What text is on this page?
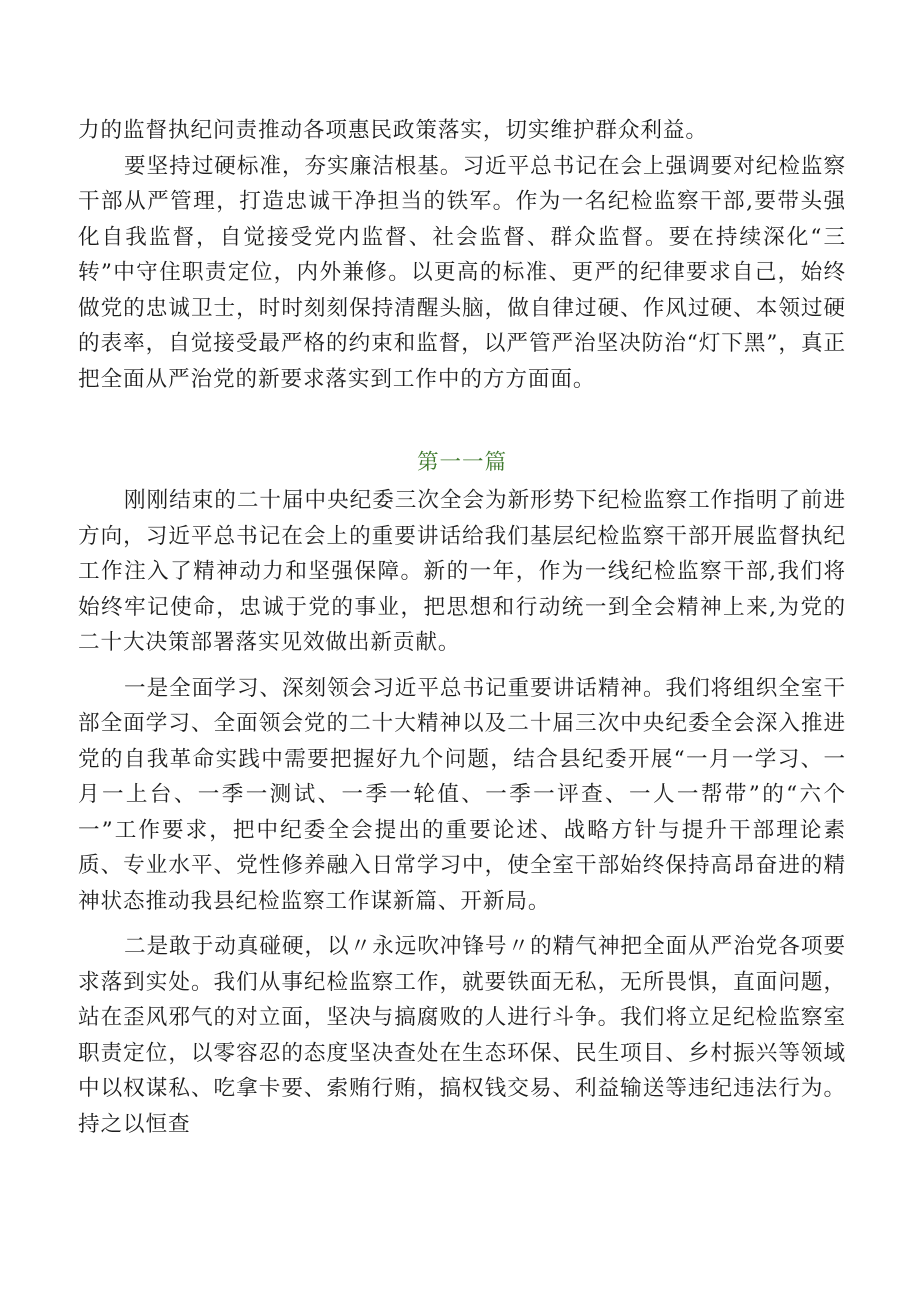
力的监督执纪问责推动各项惠民政策落实，切实维护群众利益。

要坚持过硬标准，夯实廉洁根基。习近平总书记在会上强调要对纪检监察干部从严管理，打造忠诚干净担当的铁军。作为一名纪检监察干部,要带头强化自我监督，自觉接受党内监督、社会监督、群众监督。要在持续深化“三转”中守住职责定位，内外兼修。以更高的标准、更严的纪律要求自己，始终做党的忠诚卫士，时时刻刻保持清醒头脑，做自律过硬、作风过硬、本领过硬的表率，自觉接受最严格的约束和监督，以严管严治坚决防治“灯下黑”，真正把全面从严治党的新要求落实到工作中的方方面面。

第一一篇

刚刚结束的二十届中央纪委三次全会为新形势下纪检监察工作指明了前进方向，习近平总书记在会上的重要讲话给我们基层纪检监察干部开展监督执纪工作注入了精神动力和坚强保障。新的一年，作为一线纪检监察干部,我们将始终牢记使命，忠诚于党的事业，把思想和行动统一到全会精神上来,为党的二十大决策部署落实见效做出新贡献。

一是全面学习、深刻领会习近平总书记重要讲话精神。我们将组织全室干部全面学习、全面领会党的二十大精神以及二十届三次中央纪委全会深入推进党的自我革命实践中需要把握好九个问题，结合县纪委开展“一月一学习、一月一上台、一季一测试、一季一轮值、一季一评查、一人一帮带”的“六个一”工作要求，把中纪委全会提出的重要论述、战略方针与提升干部理论素质、专业水平、党性修养融入日常学习中，使全室干部始终保持高昂奋进的精神状态推动我县纪检监察工作谋新篇、开新局。

二是敢于动真碰硬，以〃永远吹冲锋号〃的精气神把全面从严治党各项要求落到实处。我们从事纪检监察工作，就要铁面无私，无所畏惧，直面问题，站在歪风邪气的对立面，坚决与搞腐败的人进行斗争。我们将立足纪检监察室职责定位，以零容忍的态度坚决查处在生态环保、民生项目、乡村振兴等领域中以权谋私、吃拿卡要、索贿行贿，搞权钱交易、利益输送等违纪违法行为。持之以恒查
